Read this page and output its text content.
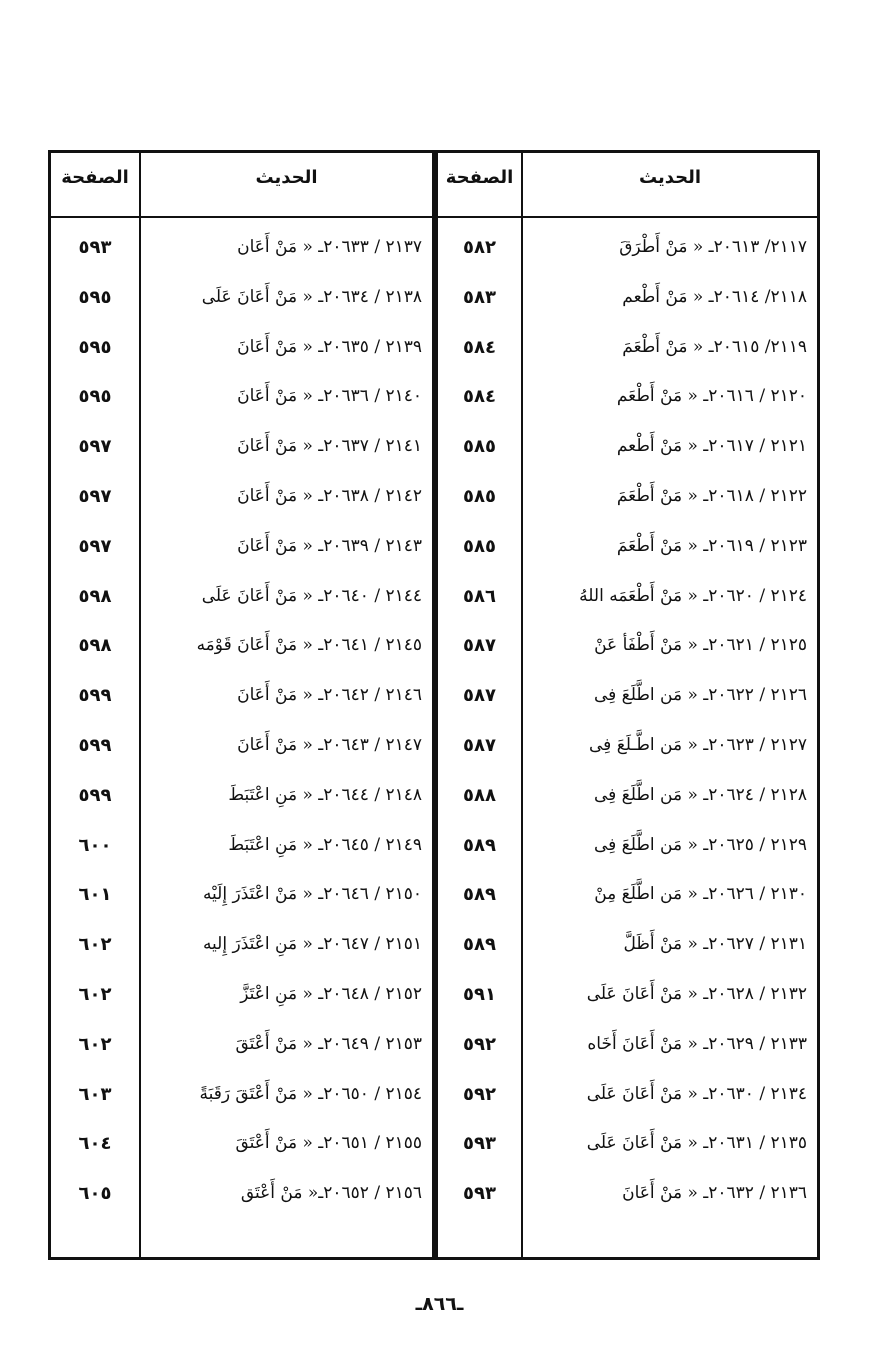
الصفحة	الحديث	الصفحة	الحديث
٥٩٣	٢١٣٧ / ٢٠٦٣٣ـ « مَنْ أَعَان	٥٨٢	٢١١٧/ ٢٠٦١٣ـ « مَنْ أَطْرَقَ
٥٩٥	٢١٣٨ / ٢٠٦٣٤ـ « مَنْ أَعَانَ عَلَى	٥٨٣	٢١١٨/ ٢٠٦١٤ـ « مَنْ أَطْعم
٥٩٥	٢١٣٩ / ٢٠٦٣٥ـ « مَنْ أَعَانَ	٥٨٤	٢١١٩/ ٢٠٦١٥ـ « مَنْ أَطْعَمَ
٥٩٥	٢١٤٠ / ٢٠٦٣٦ـ « مَنْ أَعَانَ	٥٨٤	٢١٢٠ / ٢٠٦١٦ـ « مَنْ أَطْعَم
٥٩٧	٢١٤١ / ٢٠٦٣٧ـ « مَنْ أَعَانَ	٥٨٥	٢١٢١ / ٢٠٦١٧ـ « مَنْ أَطْعم
٥٩٧	٢١٤٢ / ٢٠٦٣٨ـ « مَنْ أَعَانَ	٥٨٥	٢١٢٢ / ٢٠٦١٨ـ « مَنْ أَطْعَمَ
٥٩٧	٢١٤٣ / ٢٠٦٣٩ـ « مَنْ أَعَانَ	٥٨٥	٢١٢٣ / ٢٠٦١٩ـ « مَنْ أَطْعَمَ
٥٩٨	٢١٤٤ / ٢٠٦٤٠ـ « مَنْ أَعَانَ عَلَى	٥٨٦	٢١٢٤ / ٢٠٦٢٠ـ « مَنْ أَطْعَمَه اللهُ
٥٩٨	٢١٤٥ / ٢٠٦٤١ـ « مَنْ أَعَانَ قَوْمَه	٥٨٧	٢١٢٥ / ٢٠٦٢١ـ « مَنْ أَطْفَأ عَنْ
٥٩٩	٢١٤٦ / ٢٠٦٤٢ـ « مَنْ أَعَانَ	٥٨٧	٢١٢٦ / ٢٠٦٢٢ـ « مَن اطَّلَعَ فِى
٥٩٩	٢١٤٧ / ٢٠٦٤٣ـ « مَنْ أَعَانَ	٥٨٧	٢١٢٧ / ٢٠٦٢٣ـ « مَن اطَّـلَعَ فِى
٥٩٩	٢١٤٨ / ٢٠٦٤٤ـ « مَنِ اعْتَبَطَ	٥٨٨	٢١٢٨ / ٢٠٦٢٤ـ « مَن اطَّلَعَ فِى
٦٠٠	٢١٤٩ / ٢٠٦٤٥ـ « مَنِ اعْتَبَطَ	٥٨٩	٢١٢٩ / ٢٠٦٢٥ـ « مَن اطَّلَعَ فِى
٦٠١	٢١٥٠ / ٢٠٦٤٦ـ « مَنْ اعْتَذَرَ إِلَيْه	٥٨٩	٢١٣٠ / ٢٠٦٢٦ـ « مَن اطَّلَعَ مِنْ
٦٠٢	٢١٥١ / ٢٠٦٤٧ـ « مَنِ اعْتَذَرَ إِليه	٥٨٩	٢١٣١ / ٢٠٦٢٧ـ « مَنْ أَظَلَّ
٦٠٢	٢١٥٢ / ٢٠٦٤٨ـ « مَنِ اعْتَزَّ	٥٩١	٢١٣٢ / ٢٠٦٢٨ـ « مَنْ أَعَانَ عَلَى
٦٠٢	٢١٥٣ / ٢٠٦٤٩ـ « مَنْ أَعْتَقَ	٥٩٢	٢١٣٣ / ٢٠٦٢٩ـ « مَنْ أَعَانَ أَخَاه
٦٠٣	٢١٥٤ / ٢٠٦٥٠ـ « مَنْ أَعْتَقَ رَقَبَةً	٥٩٢	٢١٣٤ / ٢٠٦٣٠ـ « مَنْ أَعَانَ عَلَى
٦٠٤	٢١٥٥ / ٢٠٦٥١ـ « مَنْ أَعْتَقَ	٥٩٣	٢١٣٥ / ٢٠٦٣١ـ « مَنْ أَعَانَ عَلَى
٦٠٥	٢١٥٦ / ٢٠٦٥٢ـ« مَنْ أَعْتَق	٥٩٣	٢١٣٦ / ٢٠٦٣٢ـ « مَنْ أَعَانَ
ـ٨٦٦ـ
